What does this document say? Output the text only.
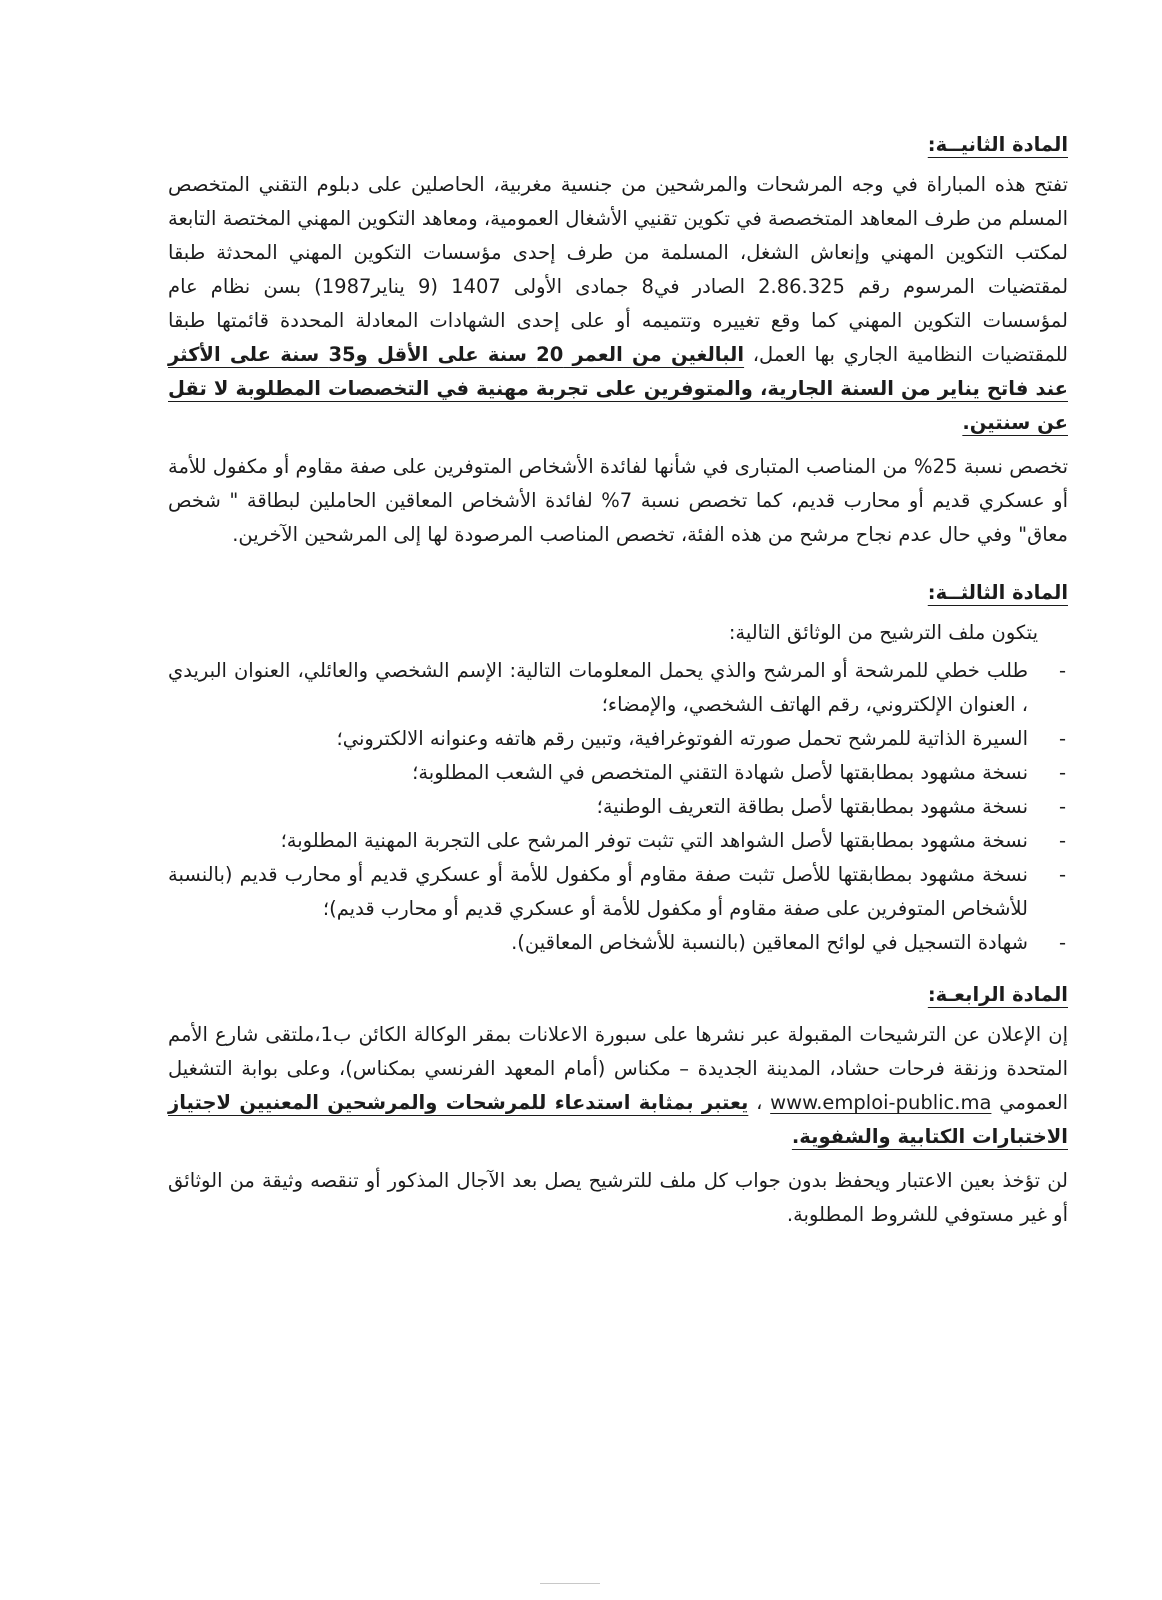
المادة الثانيــة:

تفتح هذه المباراة في وجه المرشحات والمرشحين من جنسية مغربية، الحاصلين على دبلوم التقني المتخصص المسلم من طرف المعاهد المتخصصة في تكوين تقنيي الأشغال العمومية، ومعاهد التكوين المهني المختصة التابعة لمكتب التكوين المهني وإنعاش الشغل، المسلمة من طرف إحدى مؤسسات التكوين المهني المحدثة طبقا لمقتضيات المرسوم رقم 2.86.325 الصادر في8 جمادى الأولى 1407 (9 يناير1987) بسن نظام عام لمؤسسات التكوين المهني كما وقع تغييره وتتميمه أو على إحدى الشهادات المعادلة المحددة قائمتها طبقا للمقتضيات النظامية الجاري بها العمل، البالغين من العمر 20 سنة على الأقل و35 سنة على الأكثر عند فاتح يناير من السنة الجارية، والمتوفرين على تجربة مهنية في التخصصات المطلوبة لا تقل عن سنتين.

تخصص نسبة 25% من المناصب المتبارى في شأنها لفائدة الأشخاص المتوفرين على صفة مقاوم أو مكفول للأمة أو عسكري قديم أو محارب قديم، كما تخصص نسبة 7% لفائدة الأشخاص المعاقين الحاملين لبطاقة " شخص معاق" وفي حال عدم نجاح مرشح من هذه الفئة، تخصص المناصب المرصودة لها إلى المرشحين الآخرين.

المادة الثالثــة:

يتكون ملف الترشيح من الوثائق التالية:

-
طلب خطي للمرشحة أو المرشح والذي يحمل المعلومات التالية: الإسم الشخصي والعائلي، العنوان البريدي ، العنوان الإلكتروني، رقم الهاتف الشخصي، والإمضاء؛
-
السيرة الذاتية للمرشح تحمل صورته الفوتوغرافية، وتبين رقم هاتفه وعنوانه الالكتروني؛
-
نسخة مشهود بمطابقتها لأصل شهادة التقني المتخصص في الشعب المطلوبة؛
-
نسخة مشهود بمطابقتها لأصل بطاقة التعريف الوطنية؛
-
نسخة مشهود بمطابقتها لأصل الشواهد التي تثبت توفر المرشح على التجربة المهنية المطلوبة؛
-
نسخة مشهود بمطابقتها للأصل تثبت صفة مقاوم أو مكفول للأمة أو عسكري قديم أو محارب قديم (بالنسبة للأشخاص المتوفرين على صفة مقاوم أو مكفول للأمة أو عسكري قديم أو محارب قديم)؛
-
شهادة التسجيل في لوائح المعاقين (بالنسبة للأشخاص المعاقين).
المادة الرابعـة:

إن الإعلان عن الترشيحات المقبولة عبر نشرها على سبورة الاعلانات بمقر الوكالة الكائن ب1،ملتقى شارع الأمم المتحدة وزنقة فرحات حشاد، المدينة الجديدة – مكناس (أمام المعهد الفرنسي بمكناس)، وعلى بوابة التشغيل العمومي www.emploi-public.ma ، يعتبر بمثابة استدعاء للمرشحات والمرشحين المعنيين لاجتياز الاختبارات الكتابية والشفوية.

لن تؤخذ بعين الاعتبار ويحفظ بدون جواب كل ملف للترشيح يصل بعد الآجال المذكور أو تنقصه وثيقة من الوثائق أو غير مستوفي للشروط المطلوبة.
